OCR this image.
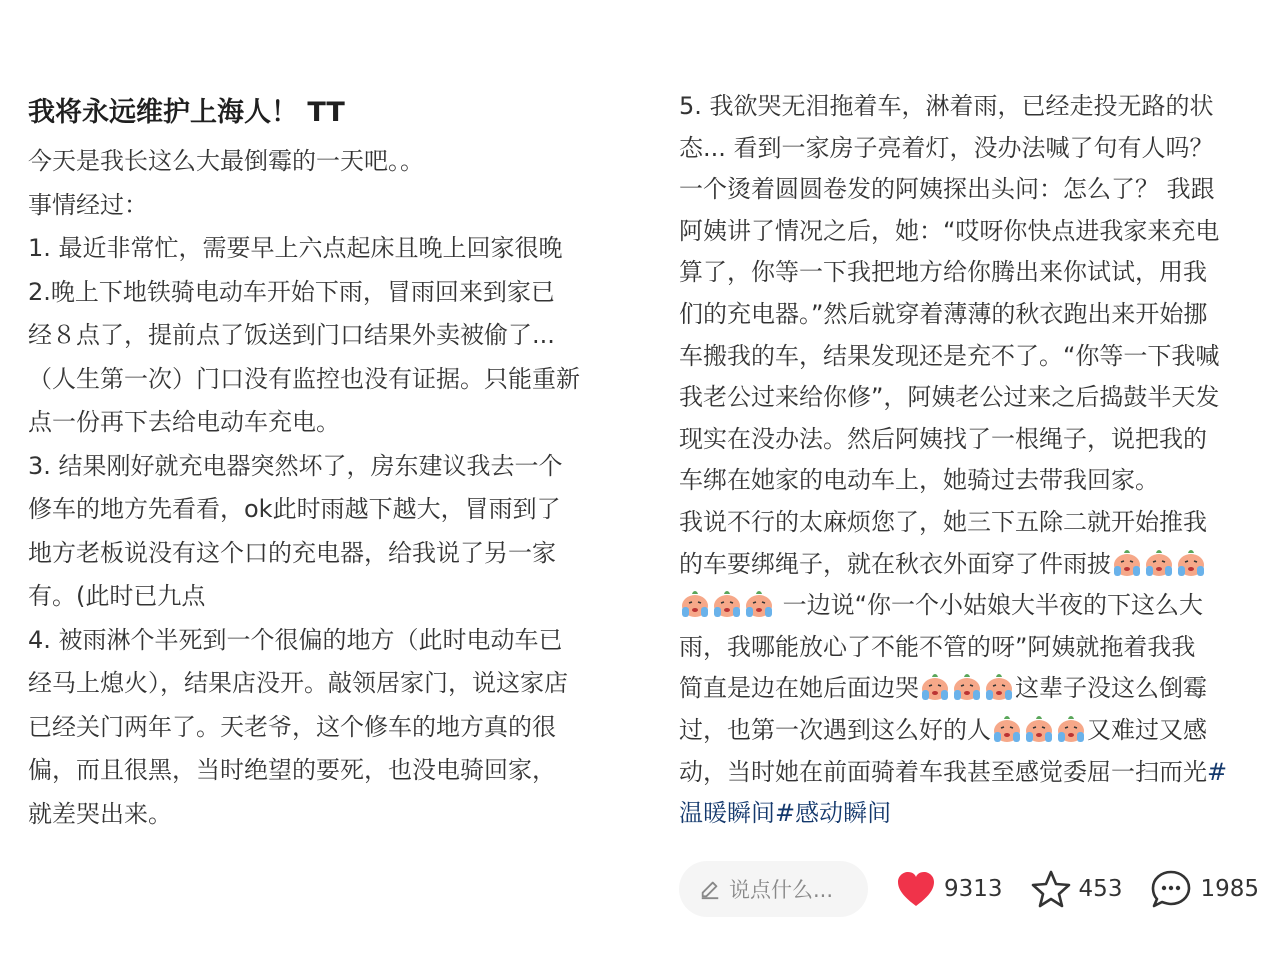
我将永远维护上海人！ TT
今天是我长这么大最倒霉的一天吧。。
事情经过：
1. 最近非常忙，需要早上六点起床且晚上回家很晚
2.晚上下地铁骑电动车开始下雨，冒雨回来到家已
经８点了，提前点了饭送到门口结果外卖被偷了...
（人生第一次）门口没有监控也没有证据。只能重新
点一份再下去给电动车充电。
3. 结果刚好就充电器突然坏了，房东建议我去一个
修车的地方先看看，ok此时雨越下越大，冒雨到了
地方老板说没有这个口的充电器，给我说了另一家
有。(此时已九点
4. 被雨淋个半死到一个很偏的地方（此时电动车已
经马上熄火），结果店没开。敲领居家门，说这家店
已经关门两年了。天老爷，这个修车的地方真的很
偏，而且很黑，当时绝望的要死，也没电骑回家，
就差哭出来。
5. 我欲哭无泪拖着车，淋着雨，已经走投无路的状
态... 看到一家房子亮着灯，没办法喊了句有人吗？
一个烫着圆圆卷发的阿姨探出头问：怎么了？ 我跟
阿姨讲了情况之后，她：“哎呀你快点进我家来充电
算了，你等一下我把地方给你腾出来你试试，用我
们的充电器。”然后就穿着薄薄的秋衣跑出来开始挪
车搬我的车，结果发现还是充不了。“你等一下我喊
我老公过来给你修”，阿姨老公过来之后捣鼓半天发
现实在没办法。然后阿姨找了一根绳子，说把我的
车绑在她家的电动车上，她骑过去带我回家。
我说不行的太麻烦您了，她三下五除二就开始推我
的车要绑绳子，就在秋衣外面穿了件雨披
一边说“你一个小姑娘大半夜的下这么大
雨，我哪能放心了不能不管的呀”阿姨就拖着我我
简直是边在她后面边哭	这辈子没这么倒霉
过，也第一次遇到这么好的人	又难过又感
动，当时她在前面骑着车我甚至感觉委屈一扫而光#
温暖瞬间#感动瞬间
说点什么...	9313	453	1985
